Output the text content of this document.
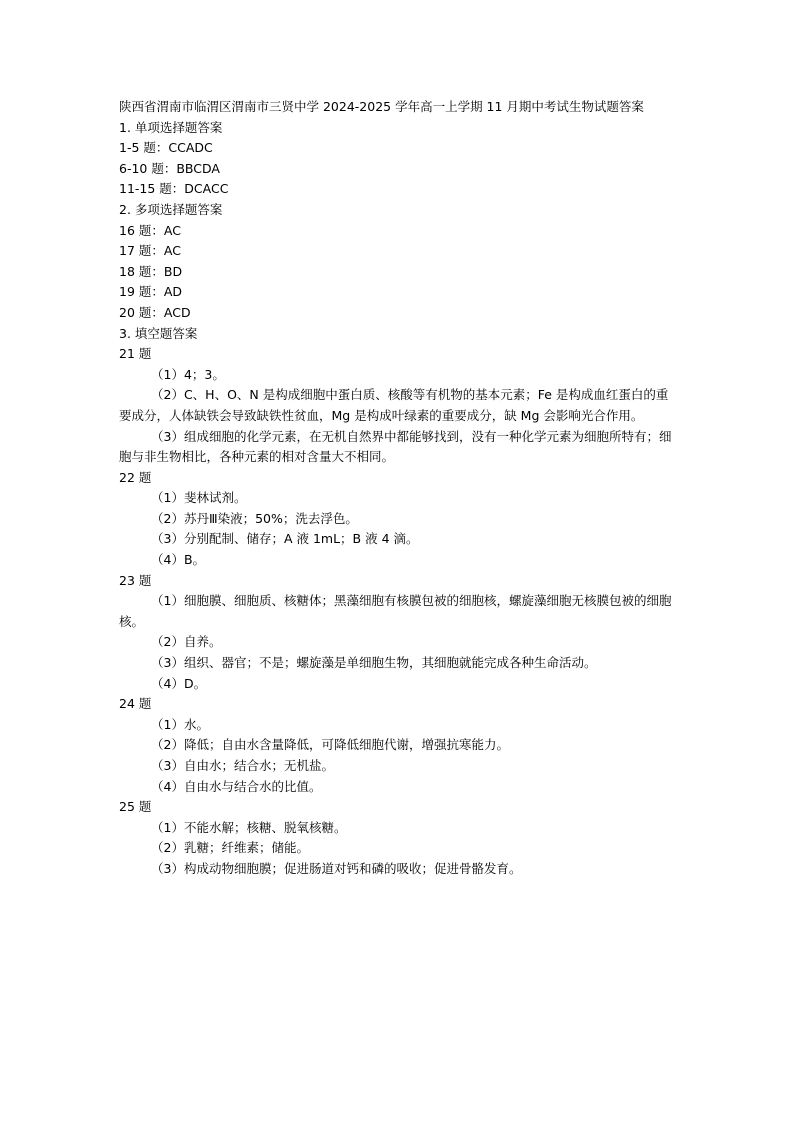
陕西省渭南市临渭区渭南市三贤中学 2024-2025 学年高一上学期 11 月期中考试生物试题答案
1. 单项选择题答案
1-5 题：CCADC
6-10 题：BBCDA
11-15 题：DCACC
2. 多项选择题答案
16 题：AC
17 题：AC
18 题：BD
19 题：AD
20 题：ACD
3. 填空题答案
21 题
（1）4；3。
（2）C、H、O、N 是构成细胞中蛋白质、核酸等有机物的基本元素；Fe 是构成血红蛋白的重要成分，人体缺铁会导致缺铁性贫血，Mg 是构成叶绿素的重要成分，缺 Mg 会影响光合作用。
（3）组成细胞的化学元素，在无机自然界中都能够找到，没有一种化学元素为细胞所特有；细胞与非生物相比，各种元素的相对含量大不相同。
22 题
（1）斐林试剂。
（2）苏丹Ⅲ染液；50%；洗去浮色。
（3）分别配制、储存；A 液 1mL；B 液 4 滴。
（4）B。
23 题
（1）细胞膜、细胞质、核糖体；黑藻细胞有核膜包被的细胞核，螺旋藻细胞无核膜包被的细胞核。
（2）自养。
（3）组织、器官；不是；螺旋藻是单细胞生物，其细胞就能完成各种生命活动。
（4）D。
24 题
（1）水。
（2）降低；自由水含量降低，可降低细胞代谢，增强抗寒能力。
（3）自由水；结合水；无机盐。
（4）自由水与结合水的比值。
25 题
（1）不能水解；核糖、脱氧核糖。
（2）乳糖；纤维素；储能。
（3）构成动物细胞膜；促进肠道对钙和磷的吸收；促进骨骼发育。
